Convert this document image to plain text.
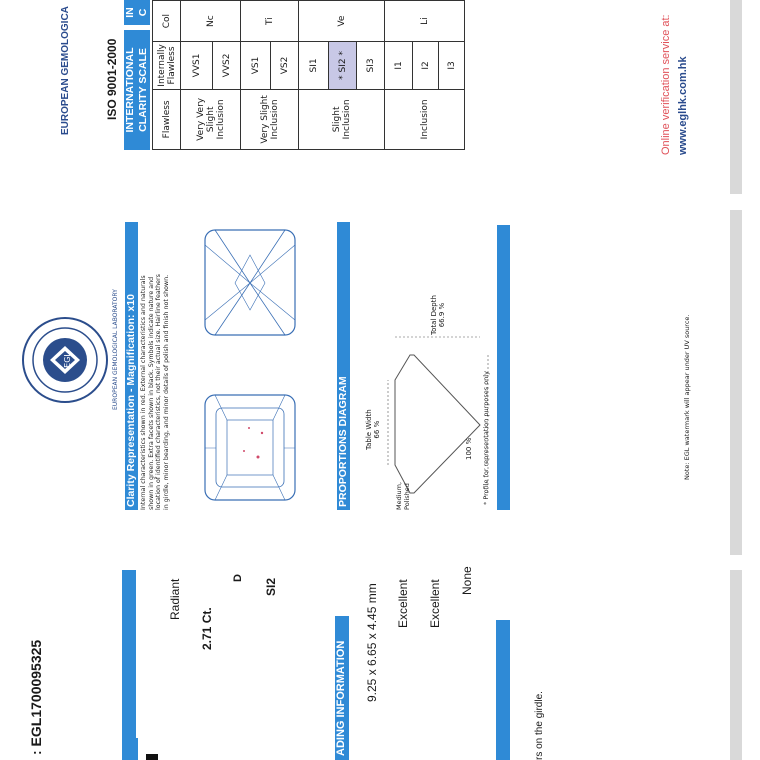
: EGL1700095325
Radiant
2.71 Ct.
D SI2
ADING INFORMATION 9.25 x 6.65 x 4.45 mm Excellent Excellent None
rs on the girdle.
EGL	EUROPEAN GEMOLOGICAL LABORATORY Clarity Representation - Magnification: x10 Internal characteristics shown in red. External characteristics and naturals shown in green. Extra facets shown in black. Symbols indicate nature and location of identified characteristics, not their actual size. Hairline feathers in girdle, minor bearding, and minor details of polish and finish not shown.	PROPORTIONS DIAGRAM Table Width 66 %
Total Depth 66.9 %
Medium, Polished
100 % * Profile for representation purposes only	Note: EGL watermark will appear under UV source.
EUROPEAN GEMOLOGICA	ISO 9001-2000 INTERNATIONAL CLARITY SCALE
IN C
Flawless	Internally Flawless	Col
Very Very Slight Inclusion	VVS1	Nc
	VVS2	
Very Slight Inclusion	VS1	Ti
	VS2	
Slight Inclusion	SI1	Ve
	* SI2 *	
	SI3	
Inclusion	I1	Li
	I2	
	I3		Online verification service at: www.eglhk.com.hk
